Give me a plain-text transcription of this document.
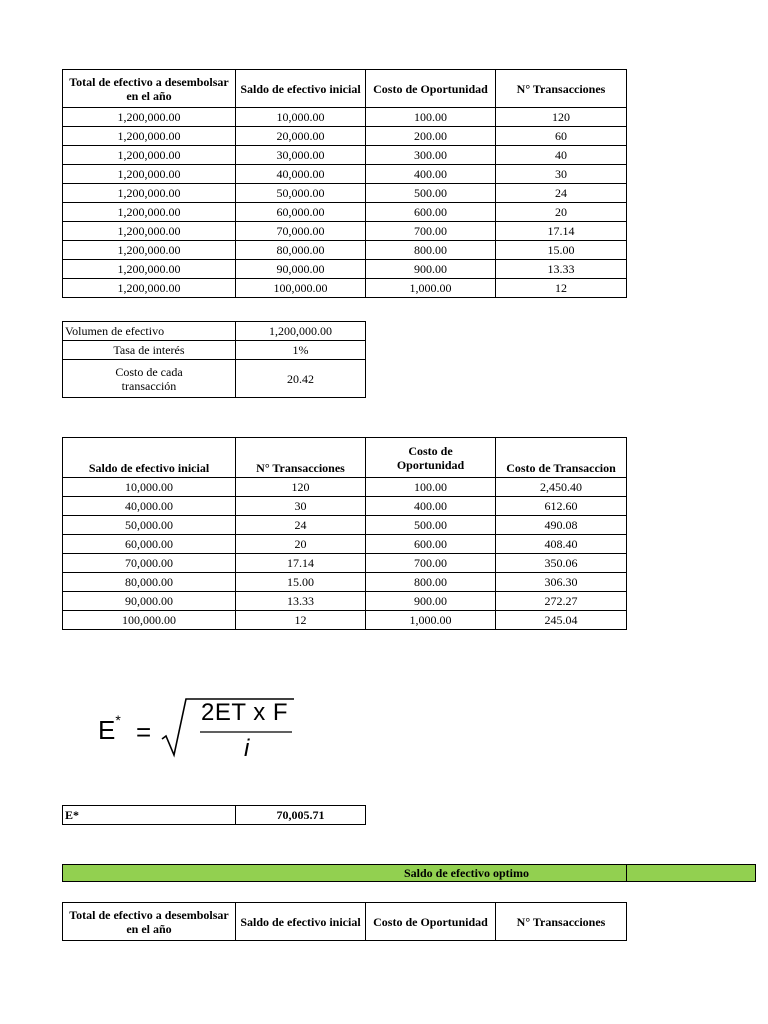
Total de efectivo a desembolsar en el año	Saldo de efectivo inicial	Costo de Oportunidad	N° Transacciones
1,200,000.00	10,000.00	100.00	120
1,200,000.00	20,000.00	200.00	60
1,200,000.00	30,000.00	300.00	40
1,200,000.00	40,000.00	400.00	30
1,200,000.00	50,000.00	500.00	24
1,200,000.00	60,000.00	600.00	20
1,200,000.00	70,000.00	700.00	17.14
1,200,000.00	80,000.00	800.00	15.00
1,200,000.00	90,000.00	900.00	13.33
1,200,000.00	100,000.00	1,000.00	12
Volumen de efectivo	1,200,000.00
Tasa de interés	1%
Costo de cada transacción	20.42
Saldo de efectivo inicial	N° Transacciones	Costo de Oportunidad	Costo de Transaccion
10,000.00	120	100.00	2,450.40
40,000.00	30	400.00	612.60
50,000.00	24	500.00	490.08
60,000.00	20	600.00	408.40
70,000.00	17.14	700.00	350.06
80,000.00	15.00	800.00	306.30
90,000.00	13.33	900.00	272.27
100,000.00	12	1,000.00	245.04
E* =
2ET x F
i
E*	70,005.71
Saldo de efectivo optimo
Total de efectivo a desembolsar en el año	Saldo de efectivo inicial	Costo de Oportunidad	N° Transacciones
